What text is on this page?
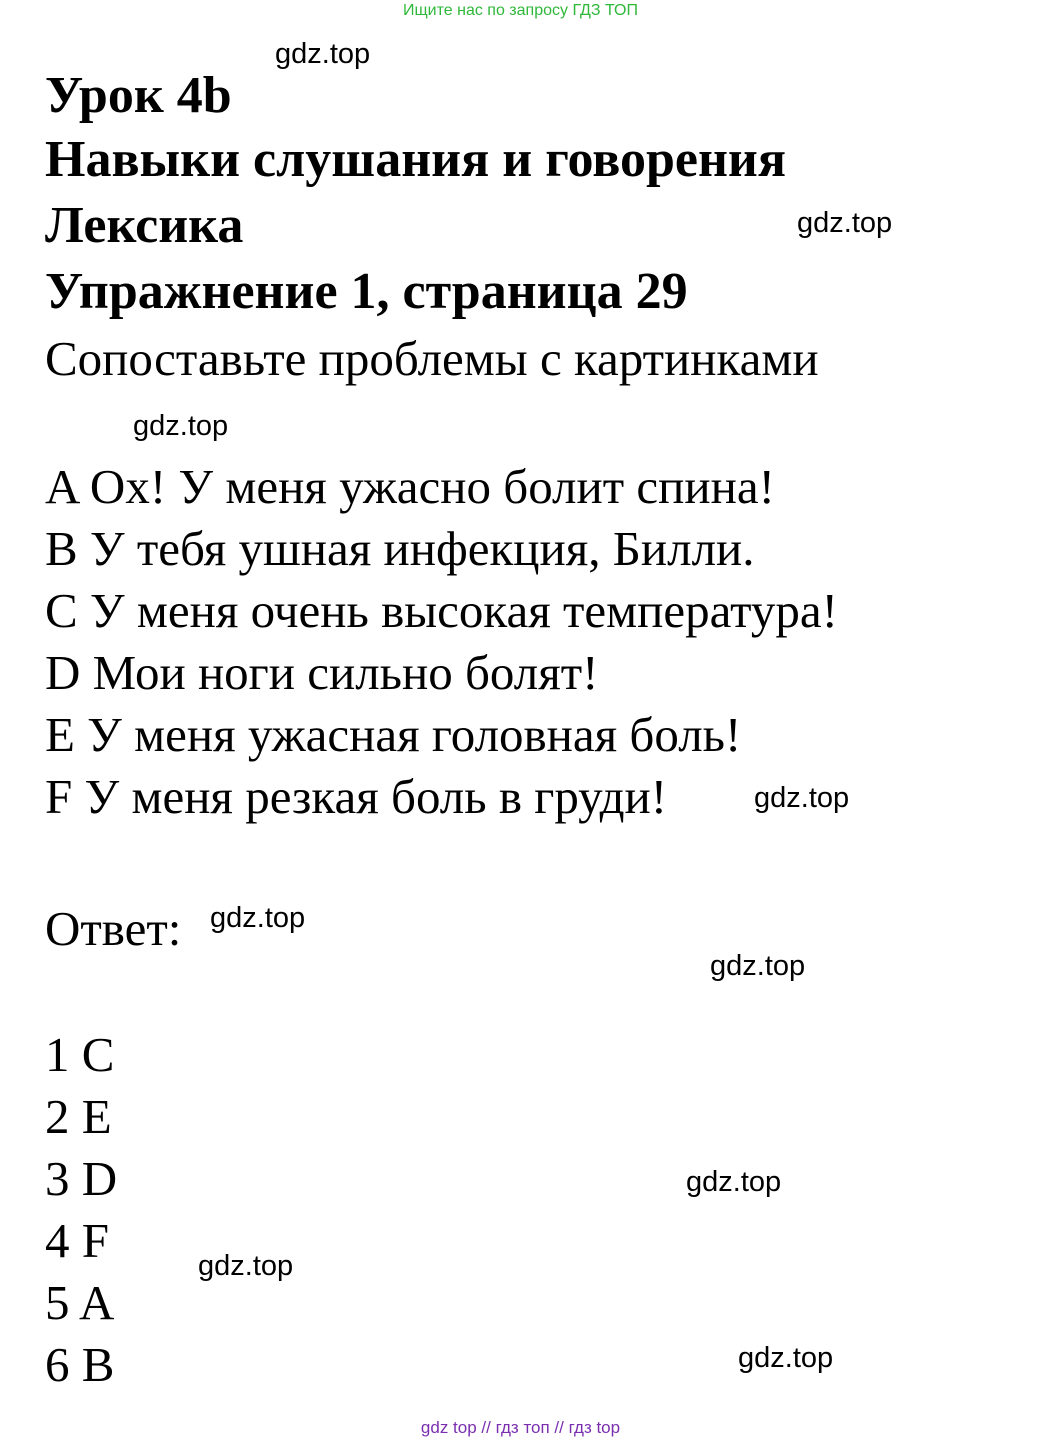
Ищите нас по запросу ГДЗ ТОП
Урок 4b
Навыки слушания и говорения
Лексика
Упражнение 1, страница 29
Сопоставьте проблемы с картинками
A Ох! У меня ужасно болит спина!
B У тебя ушная инфекция, Билли.
C У меня очень высокая температура!
D Мои ноги сильно болят!
E У меня ужасная головная боль!
F У меня резкая боль в груди!
Ответ:
1 C
2 E
3 D
4 F
5 A
6 B
gdz.top
gdz.top
gdz.top
gdz.top
gdz.top
gdz.top
gdz.top
gdz.top
gdz.top
gdz top // гдз топ // гдз top
